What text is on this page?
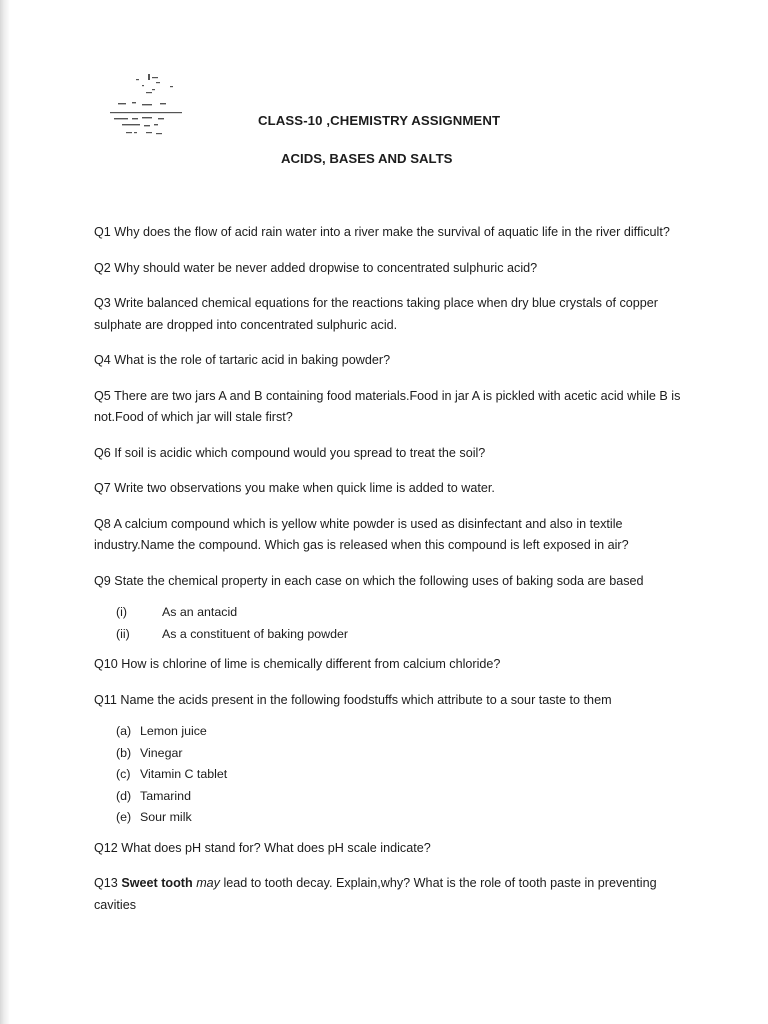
CLASS-10 ,CHEMISTRY ASSIGNMENT
ACIDS, BASES AND SALTS

Q1 Why does the flow of acid rain water into a river make the survival of aquatic life in the river difficult?

Q2 Why should water be never added dropwise to concentrated sulphuric acid?

Q3 Write balanced chemical equations for the reactions taking place when dry blue crystals of copper sulphate are dropped into concentrated sulphuric acid.

Q4 What is the role of tartaric acid in baking powder?

Q5 There are two jars A and B containing food materials.Food in jar A is pickled with acetic acid while B is not.Food of which jar will stale first?

Q6 If soil is acidic which compound would you spread to treat the soil?

Q7 Write two observations you make when quick lime is added to water.

Q8 A calcium compound which is yellow white powder is used as disinfectant and also in textile industry.Name the compound. Which gas is released when this compound is left exposed in air?

Q9 State the chemical property in each case on which the following uses of baking soda are based

(i)	As an antacid
(ii)	As a constituent of baking powder

Q10 How is chlorine of lime is chemically different from calcium chloride?

Q11 Name the acids present in the following foodstuffs which attribute to a sour taste to them

(a) Lemon juice
(b) Vinegar
(c) Vitamin C tablet
(d) Tamarind
(e) Sour milk

Q12 What does pH stand for? What does pH scale indicate?

Q13 Sweet tooth may lead to tooth decay. Explain,why? What is the role of tooth paste in preventing cavities
